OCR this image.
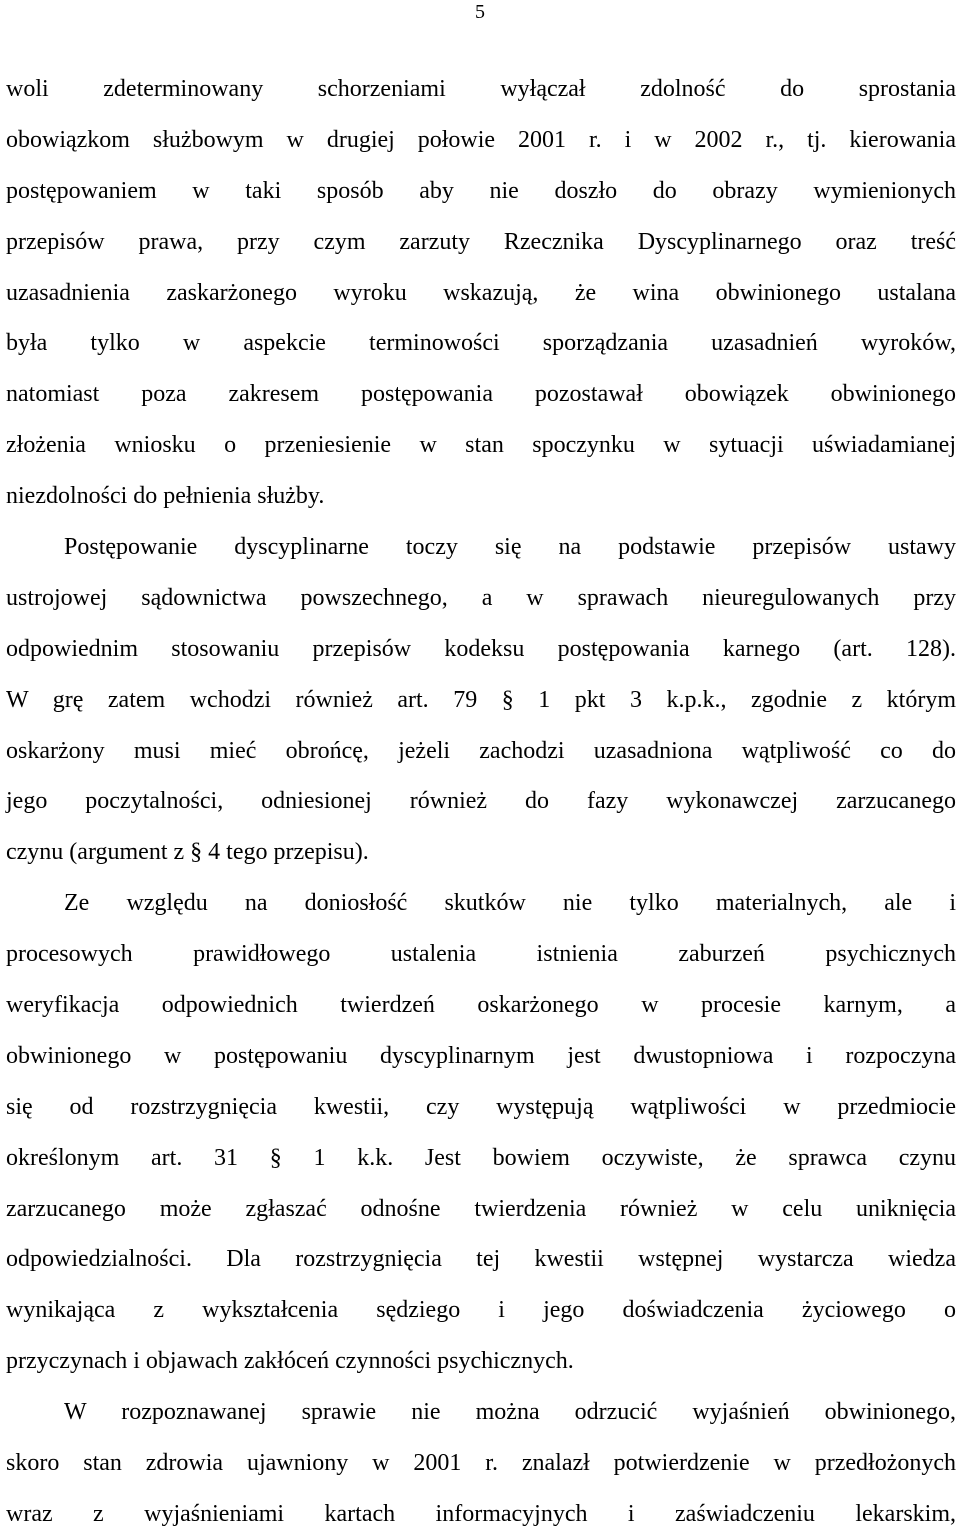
5
woli zdeterminowany schorzeniami wyłączał zdolność do sprostania
obowiązkom służbowym w drugiej połowie 2001 r. i w 2002 r., tj. kierowania
postępowaniem w taki sposób aby nie doszło do obrazy wymienionych
przepisów prawa, przy czym zarzuty Rzecznika Dyscyplinarnego oraz treść
uzasadnienia zaskarżonego wyroku wskazują, że wina obwinionego ustalana
była tylko w aspekcie terminowości sporządzania uzasadnień wyroków,
natomiast poza zakresem postępowania pozostawał obowiązek obwinionego
złożenia wniosku o przeniesienie w stan spoczynku w sytuacji uświadamianej
niezdolności do pełnienia służby.
Postępowanie dyscyplinarne toczy się na podstawie przepisów ustawy
ustrojowej sądownictwa powszechnego, a w sprawach nieuregulowanych przy
odpowiednim stosowaniu przepisów kodeksu postępowania karnego (art. 128).
W grę zatem wchodzi również art. 79 § 1 pkt 3 k.p.k., zgodnie z którym
oskarżony musi mieć obrońcę, jeżeli zachodzi uzasadniona wątpliwość co do
jego poczytalności, odniesionej również do fazy wykonawczej zarzucanego
czynu (argument z § 4 tego przepisu).
Ze względu na doniosłość skutków nie tylko materialnych, ale i
procesowych prawidłowego ustalenia istnienia zaburzeń psychicznych
weryfikacja odpowiednich twierdzeń oskarżonego w procesie karnym, a
obwinionego w postępowaniu dyscyplinarnym jest dwustopniowa i rozpoczyna
się od rozstrzygnięcia kwestii, czy występują wątpliwości w przedmiocie
określonym art. 31 § 1 k.k. Jest bowiem oczywiste, że sprawca czynu
zarzucanego może zgłaszać odnośne twierdzenia również w celu uniknięcia
odpowiedzialności. Dla rozstrzygnięcia tej kwestii wstępnej wystarcza wiedza
wynikająca z wykształcenia sędziego i jego doświadczenia życiowego o
przyczynach i objawach zakłóceń czynności psychicznych.
W rozpoznawanej sprawie nie można odrzucić wyjaśnień obwinionego,
skoro stan zdrowia ujawniony w 2001 r. znalazł potwierdzenie w przedłożonych
wraz z wyjaśnieniami kartach informacyjnych i zaświadczeniu lekarskim,
